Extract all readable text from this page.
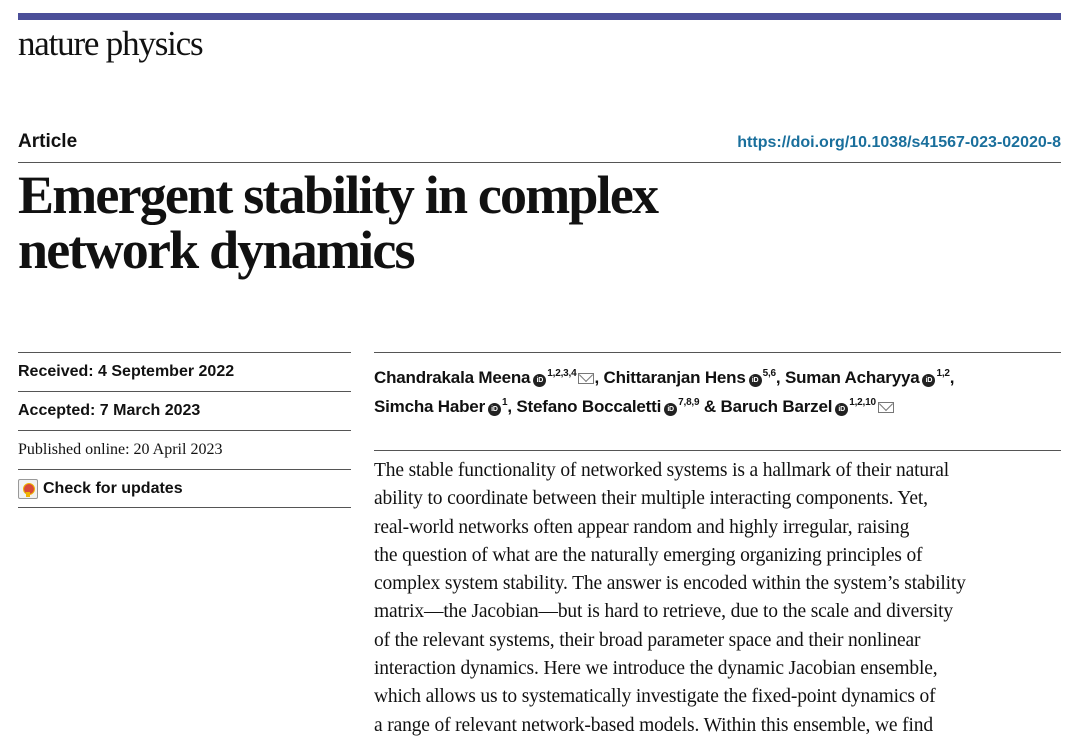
nature physics
Article	https://doi.org/10.1038/s41567-023-02020-8
Emergent stability in complex
network dynamics
Received: 4 September 2022
Accepted: 7 March 2023
Published online: 20 April 2023
Check for updates
Chandrakala Meena iD$^{1,2,3,4}$ , Chittaranjan Hens iD$^{5,6}$, Suman Acharyya iD$^{1,2}$,
Simcha Haber $iD^1$, Stefano Boccaletti iD$^{7,8,9}$ & Baruch Barzel iD$^{1,2,10}$
The stable functionality of networked systems is a hallmark of their natural
ability to coordinate between their multiple interacting components. Yet,
real-world networks often appear random and highly irregular, raising
the question of what are the naturally emerging organizing principles of
complex system stability. The answer is encoded within the system’s stability
matrix—the Jacobian—but is hard to retrieve, due to the scale and diversity
of the relevant systems, their broad parameter space and their nonlinear
interaction dynamics. Here we introduce the dynamic Jacobian ensemble,
which allows us to systematically investigate the fixed-point dynamics of
a range of relevant network-based models. Within this ensemble, we find
